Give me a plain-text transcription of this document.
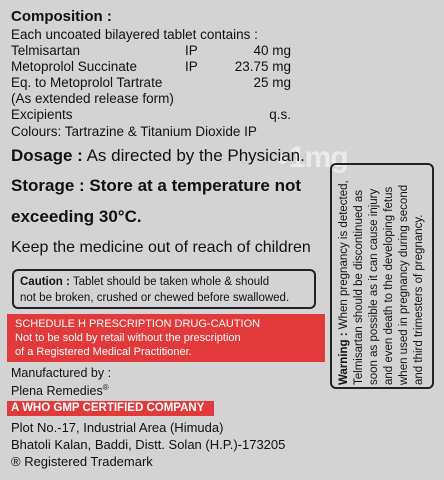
Composition :
Each uncoated bilayered tablet contains :
Telmisartan	IP	40 mg
Metoprolol Succinate	IP	23.75 mg
Eq. to Metoprolol Tartrate	25 mg
(As extended release form)
Excipients	q.s.
Colours: Tartrazine & Titanium Dioxide IP
1mg
Dosage : As directed by the Physician.
Storage : Store at a temperature not
exceeding 30°C.
Keep the medicine out of reach of children
Caution : Tablet should be taken whole & should
not be broken, crushed or chewed before swallowed.
SCHEDULE H PRESCRIPTION DRUG-CAUTION
Not to be sold by retail without the prescription
of a Registered Medical Practitioner.
Manufactured by :
Plena Remedies®
A WHO GMP CERTIFIED COMPANY
Plot No.-17, Industrial Area (Himuda)
Bhatoli Kalan, Baddi, Distt. Solan (H.P.)-173205
® Registered Trademark
Warning : When pregnancy is detected, Telmisartan should be discontinued as soon as possible as it can cause injury and even death to the developing fetus when used in pregnancy during second and third trimesters of pregnancy.
